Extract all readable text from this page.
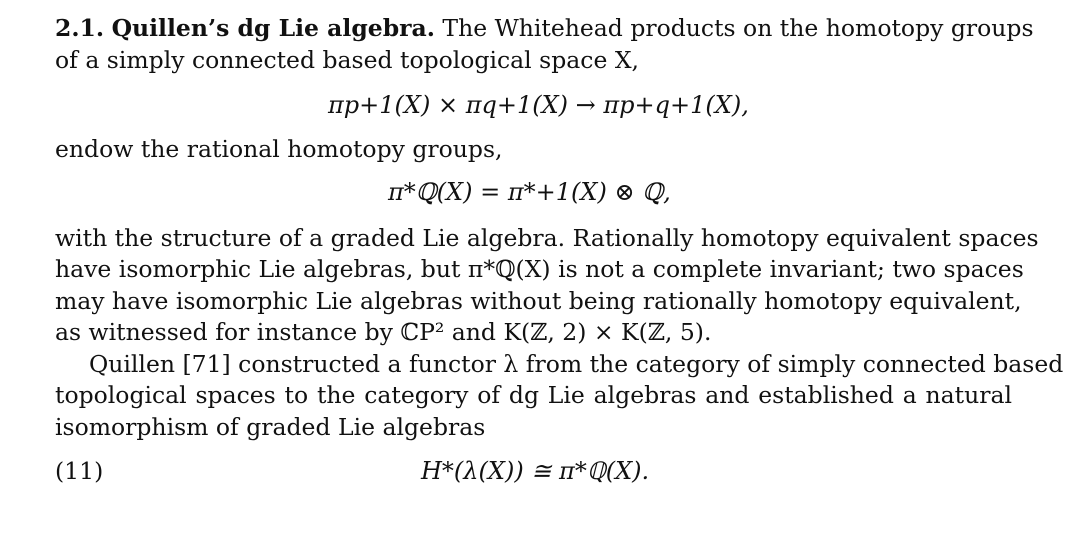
2.1. Quillen’s dg Lie algebra. The Whitehead products on the homotopy groups
of a simply connected based topological space X,
πp+1(X) × πq+1(X) → πp+q+1(X),
endow the rational homotopy groups,
π*ℚ(X) = π*+1(X) ⊗ ℚ,
with the structure of a graded Lie algebra. Rationally homotopy equivalent spaces
have isomorphic Lie algebras, but π*ℚ(X) is not a complete invariant; two spaces
may have isomorphic Lie algebras without being rationally homotopy equivalent,
as witnessed for instance by ℂP² and K(ℤ, 2) × K(ℤ, 5).
Quillen [71] constructed a functor λ from the category of simply connected based
topological spaces to the category of dg Lie algebras and established a natural
isomorphism of graded Lie algebras
(11)	H*(λ(X)) ≅ π*ℚ(X).
